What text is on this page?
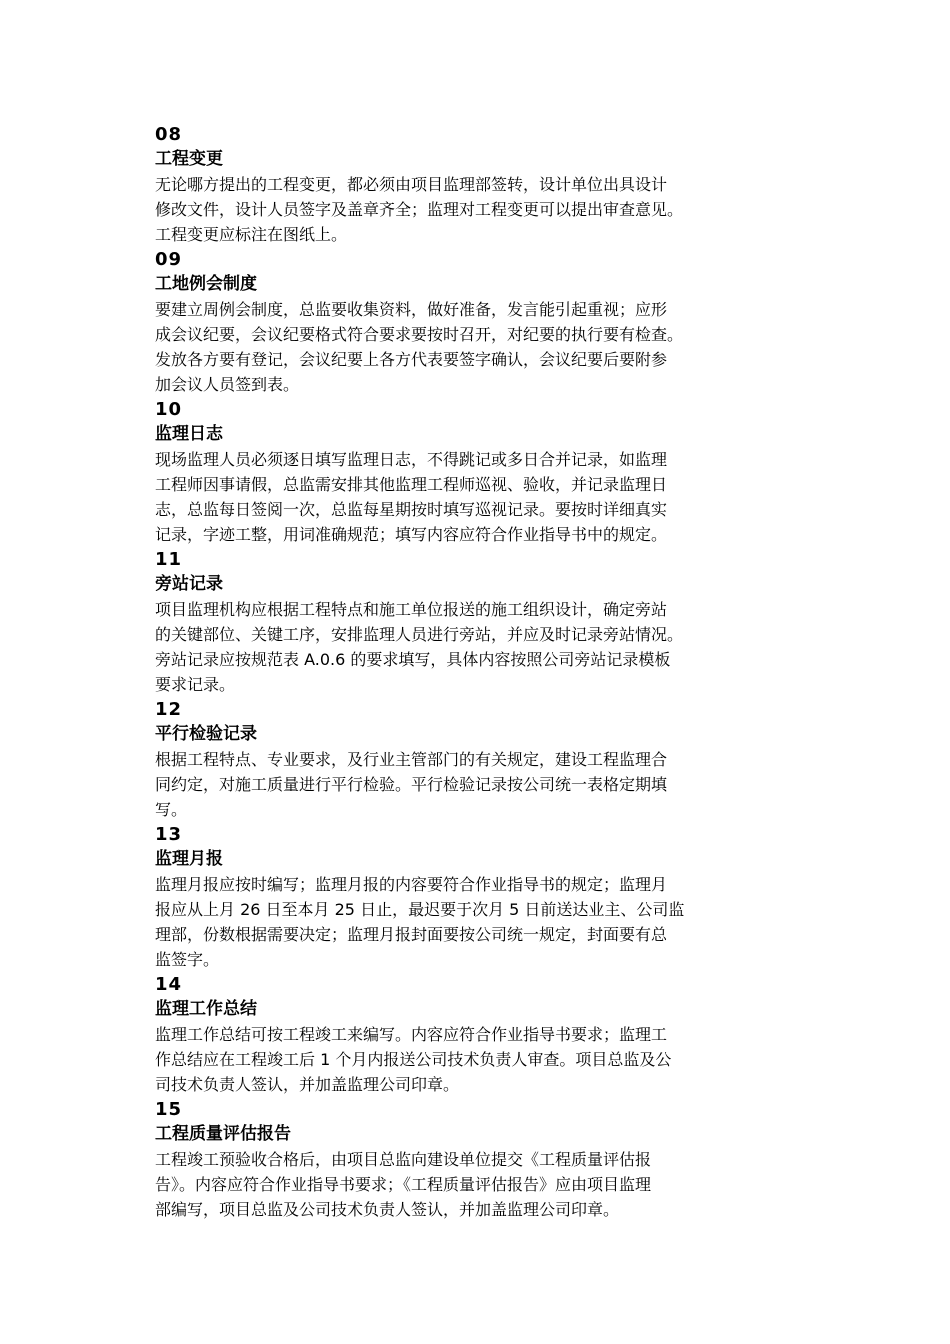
08
工程变更

无论哪方提出的工程变更，都必须由项目监理部签转，设计单位出具设计
修改文件，设计人员签字及盖章齐全；监理对工程变更可以提出审查意见。
工程变更应标注在图纸上。

09
工地例会制度

要建立周例会制度，总监要收集资料，做好准备，发言能引起重视；应形
成会议纪要，会议纪要格式符合要求要按时召开，对纪要的执行要有检查。
发放各方要有登记，会议纪要上各方代表要签字确认，会议纪要后要附参
加会议人员签到表。

10
监理日志

现场监理人员必须逐日填写监理日志，不得跳记或多日合并记录，如监理
工程师因事请假，总监需安排其他监理工程师巡视、验收，并记录监理日
志，总监每日签阅一次，总监每星期按时填写巡视记录。要按时详细真实
记录，字迹工整，用词准确规范；填写内容应符合作业指导书中的规定。

11
旁站记录

项目监理机构应根据工程特点和施工单位报送的施工组织设计，确定旁站
的关键部位、关键工序，安排监理人员进行旁站，并应及时记录旁站情况。
旁站记录应按规范表 A.0.6 的要求填写，具体内容按照公司旁站记录模板
要求记录。

12
平行检验记录

根据工程特点、专业要求，及行业主管部门的有关规定，建设工程监理合
同约定，对施工质量进行平行检验。平行检验记录按公司统一表格定期填
写。

13
监理月报

监理月报应按时编写；监理月报的内容要符合作业指导书的规定；监理月
报应从上月 26 日至本月 25 日止，最迟要于次月 5 日前送达业主、公司监
理部，份数根据需要决定；监理月报封面要按公司统一规定，封面要有总
监签字。

14
监理工作总结

监理工作总结可按工程竣工来编写。内容应符合作业指导书要求；监理工
作总结应在工程竣工后 1 个月内报送公司技术负责人审查。项目总监及公
司技术负责人签认，并加盖监理公司印章。

15
工程质量评估报告

工程竣工预验收合格后，由项目总监向建设单位提交《工程质量评估报
告》。内容应符合作业指导书要求；《工程质量评估报告》应由项目监理
部编写，项目总监及公司技术负责人签认，并加盖监理公司印章。
